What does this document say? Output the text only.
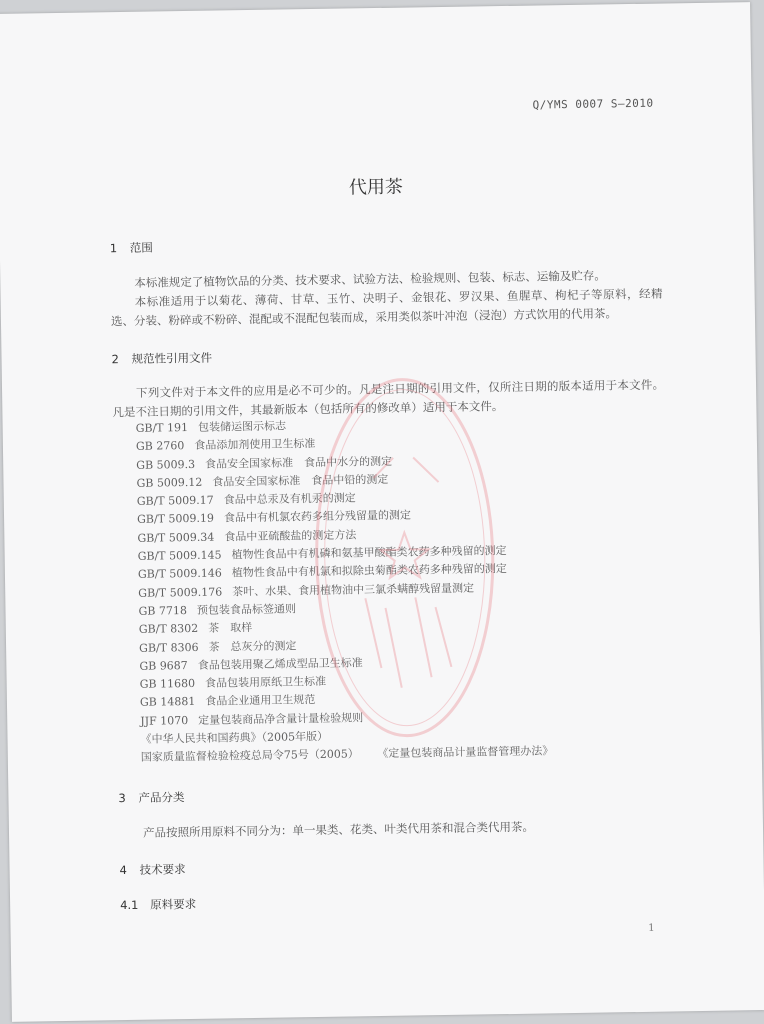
Q/YMS 0007 S—2010
代用茶
1 范围
本标准规定了植物饮品的分类、技术要求、试验方法、检验规则、包装、标志、运输及贮存。
本标准适用于以菊花、薄荷、甘草、玉竹、决明子、金银花、罗汉果、鱼腥草、枸杞子等原料，经精选、分装、粉碎或不粉碎、混配或不混配包装而成，采用类似茶叶冲泡（浸泡）方式饮用的代用茶。
2 规范性引用文件
下列文件对于本文件的应用是必不可少的。凡是注日期的引用文件，仅所注日期的版本适用于本文件。凡是不注日期的引用文件，其最新版本（包括所有的修改单）适用于本文件。
GB/T 191 包装储运图示标志
GB 2760 食品添加剂使用卫生标准
GB 5009.3 食品安全国家标准　食品中水分的测定
GB 5009.12 食品安全国家标准　食品中铅的测定
GB/T 5009.17 食品中总汞及有机汞的测定
GB/T 5009.19 食品中有机氯农药多组分残留量的测定
GB/T 5009.34 食品中亚硫酸盐的测定方法
GB/T 5009.145 植物性食品中有机磷和氨基甲酸酯类农药多种残留的测定
GB/T 5009.146 植物性食品中有机氯和拟除虫菊酯类农药多种残留的测定
GB/T 5009.176 茶叶、水果、食用植物油中三氯杀螨醇残留量测定
GB 7718 预包装食品标签通则
GB/T 8302 茶　取样
GB/T 8306 茶　总灰分的测定
GB 9687 食品包装用聚乙烯成型品卫生标准
GB 11680 食品包装用原纸卫生标准
GB 14881 食品企业通用卫生规范
JJF 1070 定量包装商品净含量计量检验规则
《中华人民共和国药典》（2005年版）
国家质量监督检验检疫总局令75号（2005） 《定量包装商品计量监督管理办法》
3 产品分类
产品按照所用原料不同分为：单一果类、花类、叶类代用茶和混合类代用茶。
4 技术要求
4.1 原料要求
1
